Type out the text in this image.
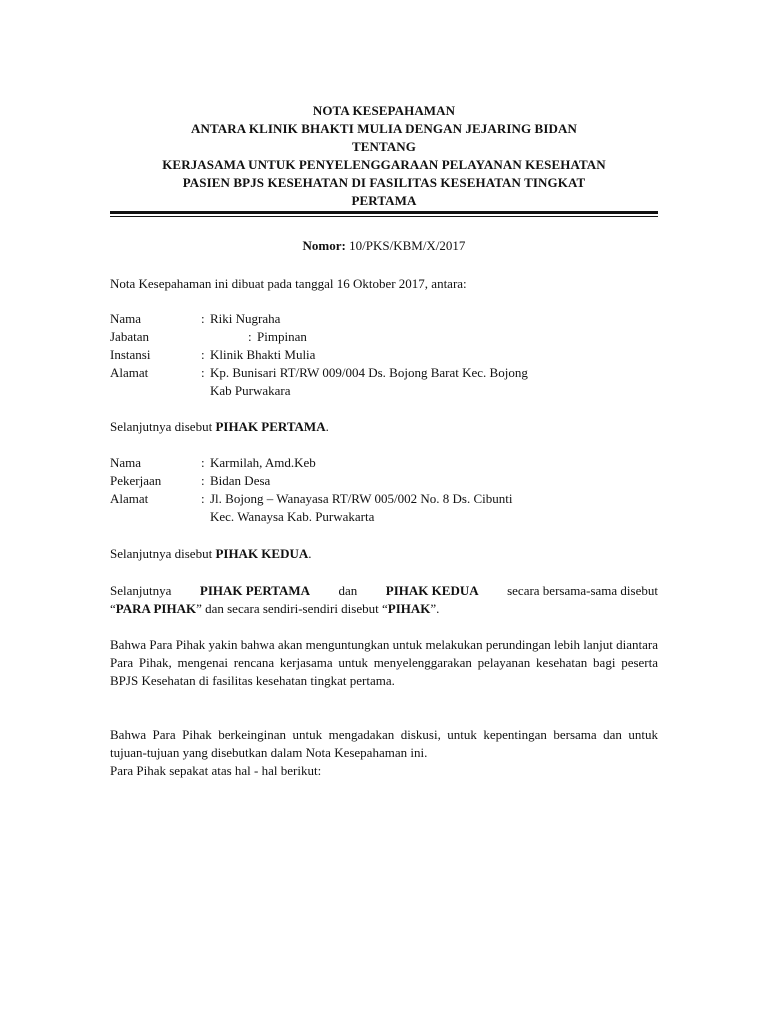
NOTA KESEPAHAMAN
ANTARA KLINIK BHAKTI MULIA DENGAN JEJARING BIDAN
TENTANG
KERJASAMA UNTUK PENYELENGGARAAN PELAYANAN KESEHATAN
PASIEN BPJS KESEHATAN DI FASILITAS KESEHATAN TINGKAT
PERTAMA
Nomor: 10/PKS/KBM/X/2017

Nota Kesepahaman ini dibuat pada tanggal 16 Oktober 2017, antara:

Nama	: Riki Nugraha
Jabatan	: Pimpinan
Instansi	: Klinik Bhakti Mulia
Alamat	: Kp. Bunisari RT/RW 009/004 Ds. Bojong Barat Kec. Bojong
Kab Purwakara

Selanjutnya disebut PIHAK PERTAMA.

Nama	: Karmilah, Amd.Keb
Pekerjaan	: Bidan Desa
Alamat	: Jl. Bojong – Wanayasa RT/RW 005/002 No. 8 Ds. Cibunti
Kec. Wanaysa Kab. Purwakarta

Selanjutnya disebut PIHAK KEDUA.

Selanjutnya PIHAK PERTAMA dan PIHAK KEDUA secara bersama-sama disebut
“PARA PIHAK” dan secara sendiri-sendiri disebut “PIHAK”.

Bahwa Para Pihak yakin bahwa akan menguntungkan untuk melakukan perundingan lebih lanjut diantara Para Pihak, mengenai rencana kerjasama untuk menyelenggarakan pelayanan kesehatan bagi peserta BPJS Kesehatan di fasilitas kesehatan tingkat pertama.

Bahwa Para Pihak berkeinginan untuk mengadakan diskusi, untuk kepentingan bersama dan untuk tujuan-tujuan yang disebutkan dalam Nota Kesepahaman ini.

Para Pihak sepakat atas hal - hal berikut:
